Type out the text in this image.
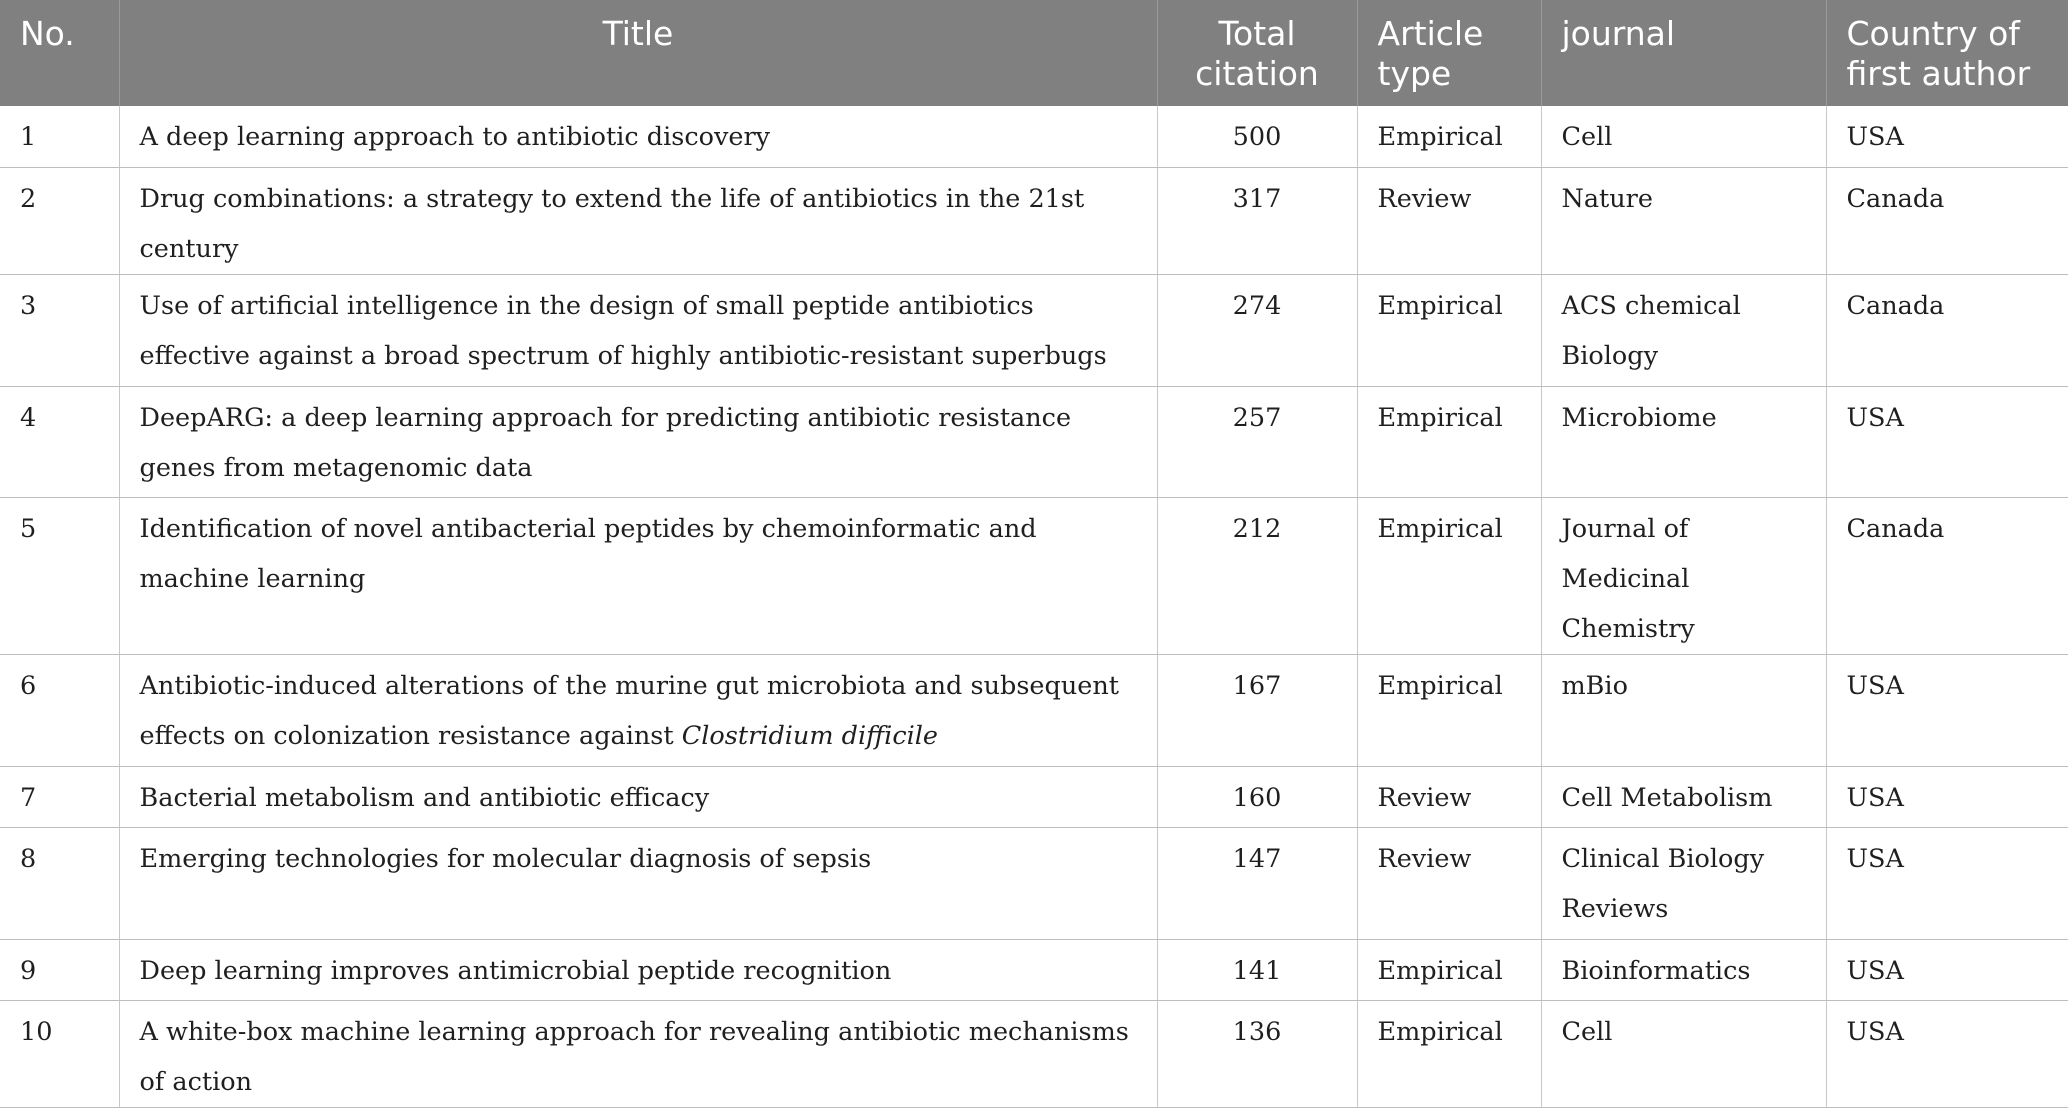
No.	Title	Total citation	Article type	journal	Country of first author
1	A deep learning approach to antibiotic discovery	500	Empirical	Cell	USA
2	Drug combinations: a strategy to extend the life of antibiotics in the 21st century	317	Review	Nature	Canada
3	Use of artificial intelligence in the design of small peptide antibiotics effective against a broad spectrum of highly antibiotic-resistant superbugs	274	Empirical	ACS chemical Biology	Canada
4	DeepARG: a deep learning approach for predicting antibiotic resistance genes from metagenomic data	257	Empirical	Microbiome	USA
5	Identification of novel antibacterial peptides by chemoinformatic and machine learning	212	Empirical	Journal of Medicinal Chemistry	Canada
6	Antibiotic-induced alterations of the murine gut microbiota and subsequent effects on colonization resistance against Clostridium difficile	167	Empirical	mBio	USA
7	Bacterial metabolism and antibiotic efficacy	160	Review	Cell Metabolism	USA
8	Emerging technologies for molecular diagnosis of sepsis	147	Review	Clinical Biology Reviews	USA
9	Deep learning improves antimicrobial peptide recognition	141	Empirical	Bioinformatics	USA
10	A white-box machine learning approach for revealing antibiotic mechanisms of action	136	Empirical	Cell	USA
